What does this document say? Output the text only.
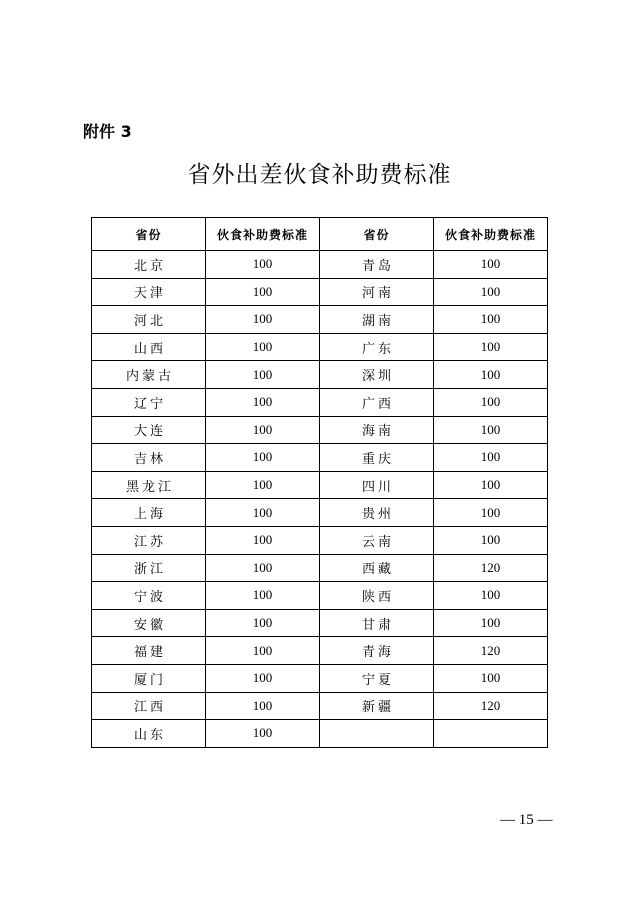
附件 3
省外出差伙食补助费标准
省份	伙食补助费标准	省份	伙食补助费标准
北京	100	青岛	100
天津	100	河南	100
河北	100	湖南	100
山西	100	广东	100
内蒙古	100	深圳	100
辽宁	100	广西	100
大连	100	海南	100
吉林	100	重庆	100
黑龙江	100	四川	100
上海	100	贵州	100
江苏	100	云南	100
浙江	100	西藏	120
宁波	100	陕西	100
安徽	100	甘肃	100
福建	100	青海	120
厦门	100	宁夏	100
江西	100	新疆	120
山东	100		
— 15 —
